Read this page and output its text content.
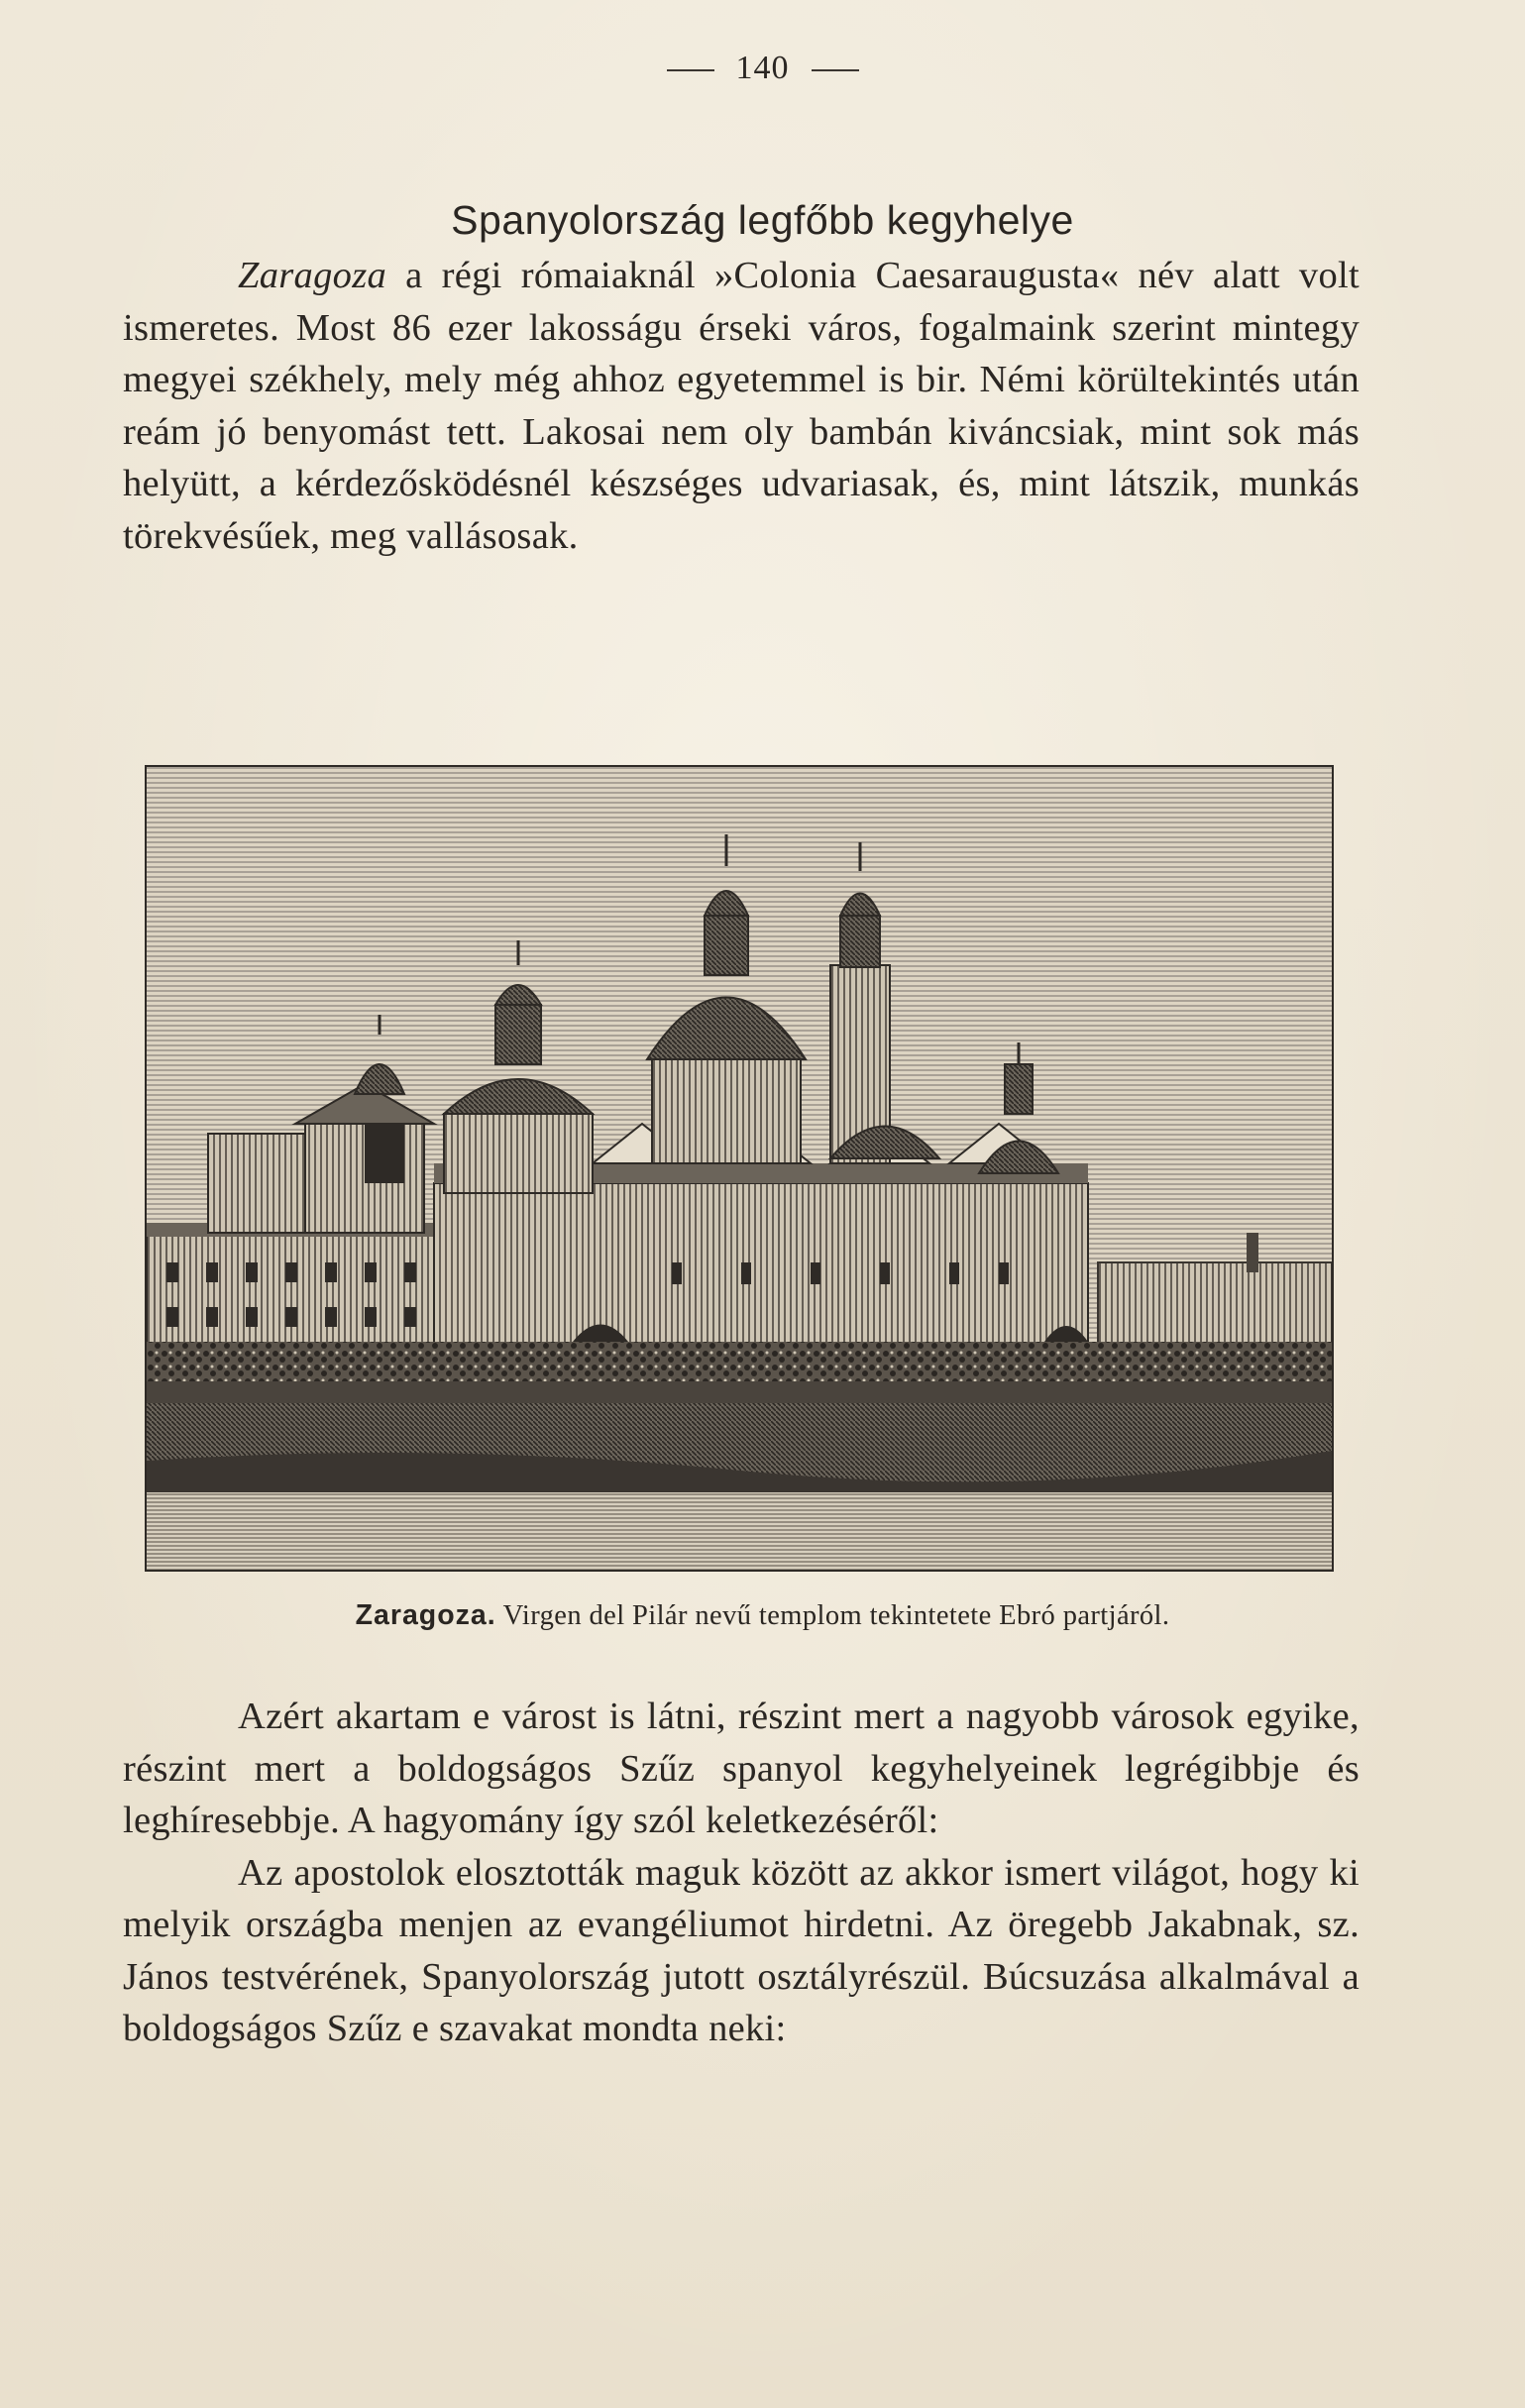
140
Spanyolország legfőbb kegyhelye

Zaragoza a régi rómaiaknál »Colonia Caesaraugusta« név alatt volt ismeretes. Most 86 ezer lakosságu érseki város, fogalmaink szerint mintegy megyei székhely, mely még ahhoz egyetemmel is bir. Némi körültekintés után reám jó benyomást tett. Lakosai nem oly bambán kiváncsiak, mint sok más helyütt, a kérdezősködésnél készséges udvariasak, és, mint látszik, munkás törekvésűek, meg vallásosak.

Zaragoza. Virgen del Pilár nevű templom tekintetete Ebró partjáról.

Azért akartam e várost is látni, részint mert a nagyobb városok egyike, részint mert a boldogságos Szűz spanyol kegyhelyeinek legrégibbje és leghíresebbje. A hagyomány így szól keletkezéséről:

Az apostolok elosztották maguk között az akkor ismert világot, hogy ki melyik országba menjen az evangéliumot hirdetni. Az öregebb Jakabnak, sz. János testvérének, Spanyolország jutott osztályrészül. Búcsuzása alkalmával a boldogságos Szűz e szavakat mondta neki:
